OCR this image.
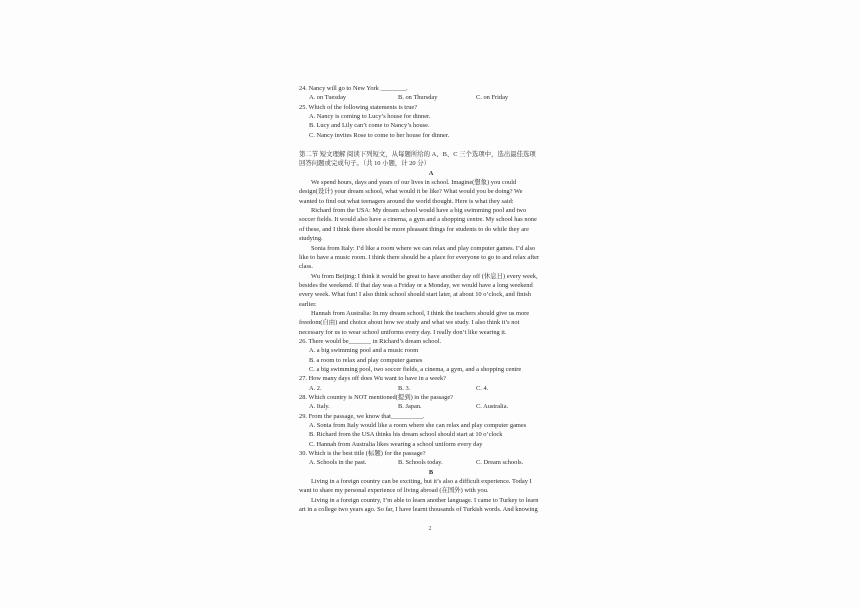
24. Nancy will go to New York ________.
A. on Tuesday	B. on Thursday	C. on Friday
25. Which of the following statements is true?
A. Nancy is coming to Lucy’s house for dinner.
B. Lucy and Lily can’t come to Nancy’s house.
C. Nancy invites Rose to come to her house for dinner.
第二节 短文理解 阅读下列短文，从每题所给的 A、B、C 三个选项中，选出最佳选项
回答问题或完成句子。（共 10 小题，计 20 分）
A
We spend hours, days and years of our lives in school. Imagine(想象) you could
design(设计) your dream school, what would it be like? What would you be doing? We
wanted to find out what teenagers around the world thought. Here is what they said:
Richard from the USA: My dream school would have a big swimming pool and two
soccer fields. It would also have a cinema, a gym and a shopping centre. My school has none
of these, and I think there should be more pleasant things for students to do while they are
studying.
Sonia from Italy: I’d like a room where we can relax and play computer games. I’d also
like to have a music room. I think there should be a place for everyone to go to and relax after
class.
Wu from Beijing: I think it would be great to have another day off (休息日) every week,
besides the weekend. If that day was a Friday or a Monday, we would have a long weekend
every week. What fun! I also think school should start later, at about 10 o’clock, and finish
earlier.
Hannah from Australia: In my dream school, I think the teachers should give us more
freedom(自由) and choice about how we study and what we study. I also think it’s not
necessary for us to wear school uniforms every day. I really don’t like wearing it.
26. There would be_______ in Richard’s dream school.
A. a big swimming pool and a music room
B. a room to relax and play computer games
C. a big swimming pool, two soccer fields, a cinema, a gym, and a shopping centre
27. How many days off does Wu want to have in a week?
A. 2.	B. 3.	C. 4.
28. Which country is NOT mentioned(提到) in the passage?
A. Italy.	B. Japan.	C. Australia.
29. From the passage, we know that__________.
A. Sonia from Italy would like a room where she can relax and play computer games
B. Richard from the USA thinks his dream school should start at 10 o’clock
C. Hannah from Australia likes wearing a school uniform every day
30. Which is the best title (标题) for the passage?
A. Schools in the past.	B. Schools today.	C. Dream schools.
B
Living in a foreign country can be exciting, but it’s also a difficult experience. Today I
want to share my personal experience of living abroad (在国外) with you.
Living in a foreign country, I’m able to learn another language. I came to Turkey to learn
art in a college two years ago. So far, I have learnt thousands of Turkish words. And knowing
2
